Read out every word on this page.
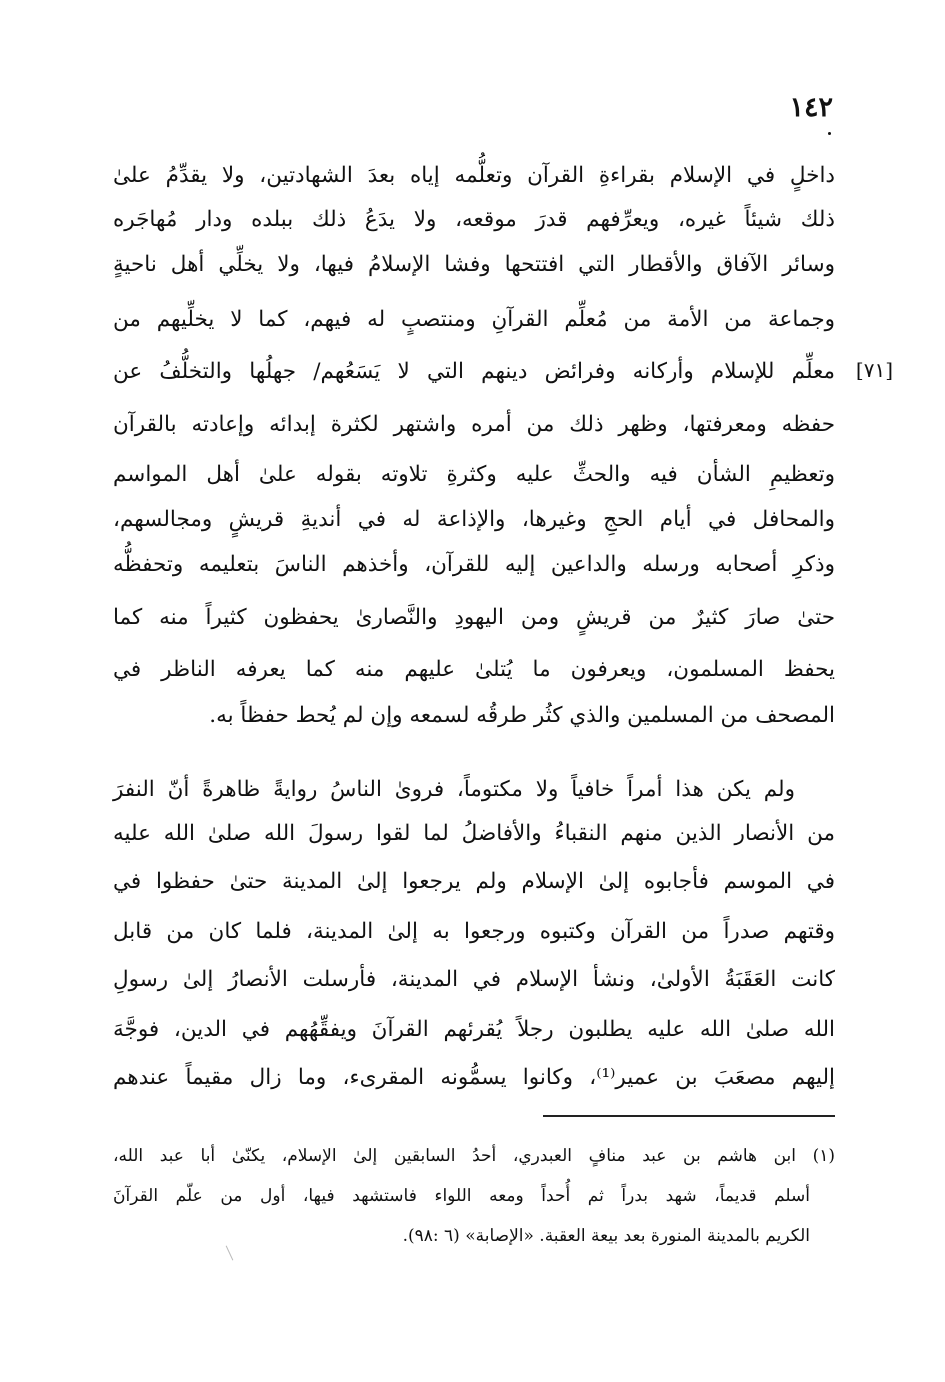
١٤٢
داخلٍ في الإسلام بقراءةِ القرآن وتعلُّمه إياه بعدَ الشهادتين، ولا يقدِّمُ علىٰ
ذلك شيئاً غيره، ويعرِّفهم قدرَ موقعه، ولا يدَعُ ذلك ببلده ودار مُهاجَره
وسائر الآفاق والأقطار التي افتتحها وفشا الإسلامُ فيها، ولا يخلِّي أهل ناحيةٍ
وجماعة من الأمة من مُعلِّم القرآنِ ومنتصبٍ له فيهم، كما لا يخلِّيهم من
معلِّم للإسلام وأركانه وفرائض دينهم التي لا يَسَعُهم/ جهلُها والتخلُّفُ عن
حفظه ومعرفتها، وظهر ذلك من أمره واشتهر لكثرة إبدائه وإعادته بالقرآن
وتعظيمِ الشأن فيه والحثِّ عليه وكثرةِ تلاوته بقوله علىٰ أهل المواسم
والمحافل في أيام الحجِ وغيرها، والإذاعة له في أنديةِ قريشٍ ومجالسهم،
وذكرِ أصحابه ورسله والداعين إليه للقرآن، وأخذهم الناسَ بتعليمه وتحفظُّه
حتىٰ صارَ كثيرٌ من قريشٍ ومن اليهودِ والنَّصارىٰ يحفظون كثيراً منه كما
يحفظ المسلمون، ويعرفون ما يُتلىٰ عليهم منه كما يعرفه الناظر في
المصحف من المسلمين والذي كثُر طرقُه لسمعه وإن لم يُحط حفظاً به.
[٧١]
ولم يكن هذا أمراً خافياً ولا مكتوماً، فروىٰ الناسُ روايةً ظاهرةً أنّ النفرَ
من الأنصار الذين منهم النقباءُ والأفاضلُ لما لقوا رسولَ الله صلىٰ الله عليه
في الموسم فأجابوه إلىٰ الإسلام ولم يرجعوا إلىٰ المدينة حتىٰ حفظوا في
وقتهم صدراً من القرآن وكتبوه ورجعوا به إلىٰ المدينة، فلما كان من قابل
كانت العَقَبَةُ الأولىٰ، ونشأ الإسلام في المدينة، فأرسلت الأنصارُ إلىٰ رسولِ
الله صلىٰ الله عليه يطلبون رجلاً يُقرئهم القرآنَ ويفقِّهُهم في الدين، فوجَّهَ
إليهم مصعَبَ بن عمير⁽¹⁾، وكانوا يسمُّونه المقرىء، وما زال مقيماً عندهم
(١) ابن هاشم بن عبد منافٍ العبدري، أحدُ السابقين إلىٰ الإسلام، يكنّىٰ أبا عبد الله،
أسلم قديماً، شهد بدراً ثم أُحداً ومعه اللواء فاستشهد فيها، أول من علّم القرآنَ
الكريم بالمدينة المنورة بعد بيعة العقبة. «الإصابة» (٦ :٩٨).
